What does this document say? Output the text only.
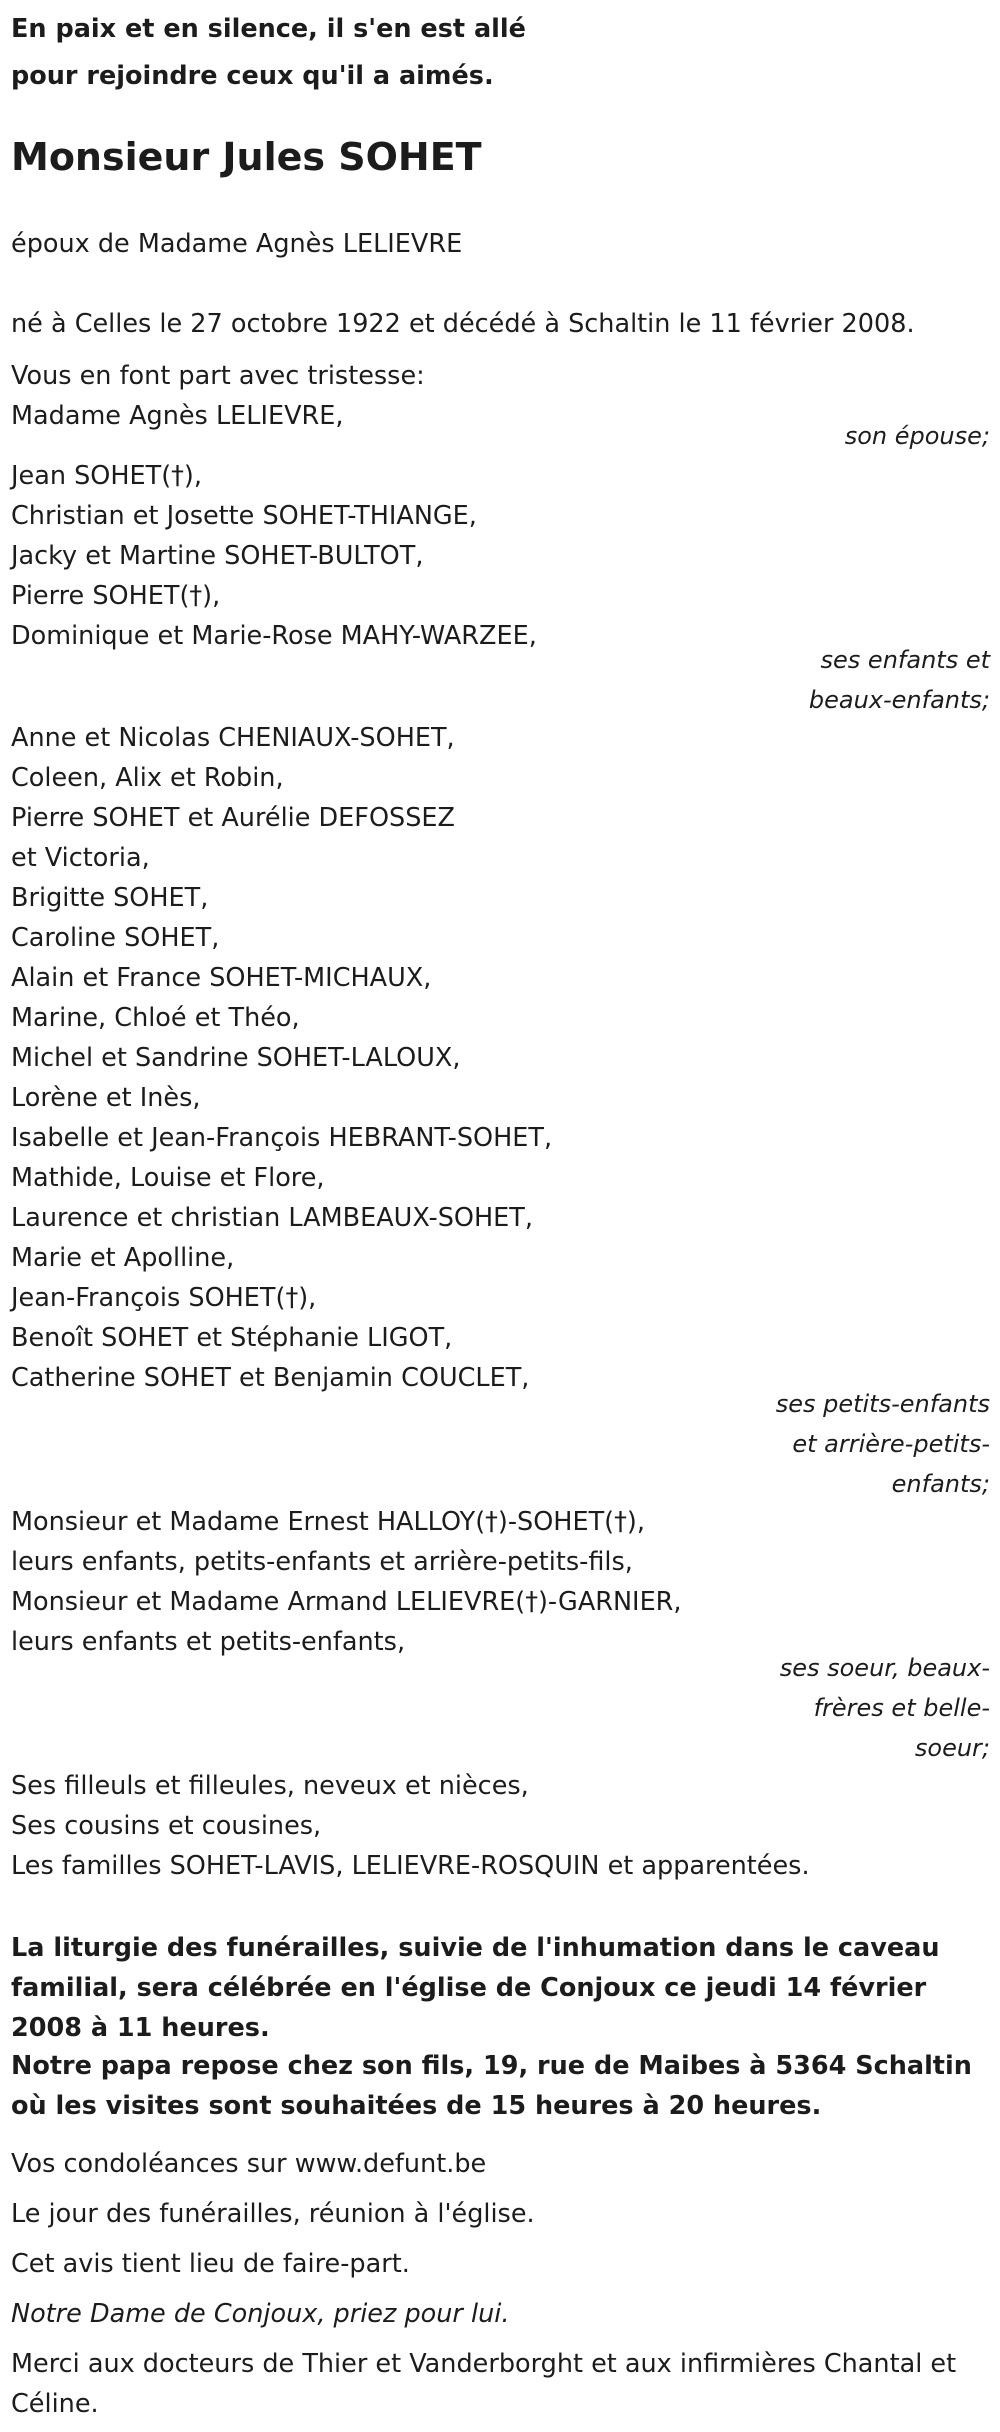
En paix et en silence, il s'en est allé
pour rejoindre ceux qu'il a aimés.
Monsieur Jules SOHET
époux de Madame Agnès LELIEVRE
né à Celles le 27 octobre 1922 et décédé à Schaltin le 11 février 2008.
Vous en font part avec tristesse:
Madame Agnès LELIEVRE,
son épouse;
Jean SOHET(†),
Christian et Josette SOHET-THIANGE,
Jacky et Martine SOHET-BULTOT,
Pierre SOHET(†),
Dominique et Marie-Rose MAHY-WARZEE,
ses enfants et
beaux-enfants;
Anne et Nicolas CHENIAUX-SOHET,
Coleen, Alix et Robin,
Pierre SOHET et Aurélie DEFOSSEZ
et Victoria,
Brigitte SOHET,
Caroline SOHET,
Alain et France SOHET-MICHAUX,
Marine, Chloé et Théo,
Michel et Sandrine SOHET-LALOUX,
Lorène et Inès,
Isabelle et Jean-François HEBRANT-SOHET,
Mathide, Louise et Flore,
Laurence et christian LAMBEAUX-SOHET,
Marie et Apolline,
Jean-François SOHET(†),
Benoît SOHET et Stéphanie LIGOT,
Catherine SOHET et Benjamin COUCLET,
ses petits-enfants
et arrière-petits-
enfants;
Monsieur et Madame Ernest HALLOY(†)-SOHET(†),
leurs enfants, petits-enfants et arrière-petits-fils,
Monsieur et Madame Armand LELIEVRE(†)-GARNIER,
leurs enfants et petits-enfants,
ses soeur, beaux-
frères et belle-
soeur;
Ses filleuls et filleules, neveux et nièces,
Ses cousins et cousines,
Les familles SOHET-LAVIS, LELIEVRE-ROSQUIN et apparentées.
La liturgie des funérailles, suivie de l'inhumation dans le caveau familial, sera célébrée en l'église de Conjoux ce jeudi 14 février 2008 à 11 heures.
Notre papa repose chez son fils, 19, rue de Maibes à 5364 Schaltin où les visites sont souhaitées de 15 heures à 20 heures.
Vos condoléances sur www.defunt.be
Le jour des funérailles, réunion à l'église.
Cet avis tient lieu de faire-part.
Notre Dame de Conjoux, priez pour lui.
Merci aux docteurs de Thier et Vanderborght et aux infirmières Chantal et Céline.
